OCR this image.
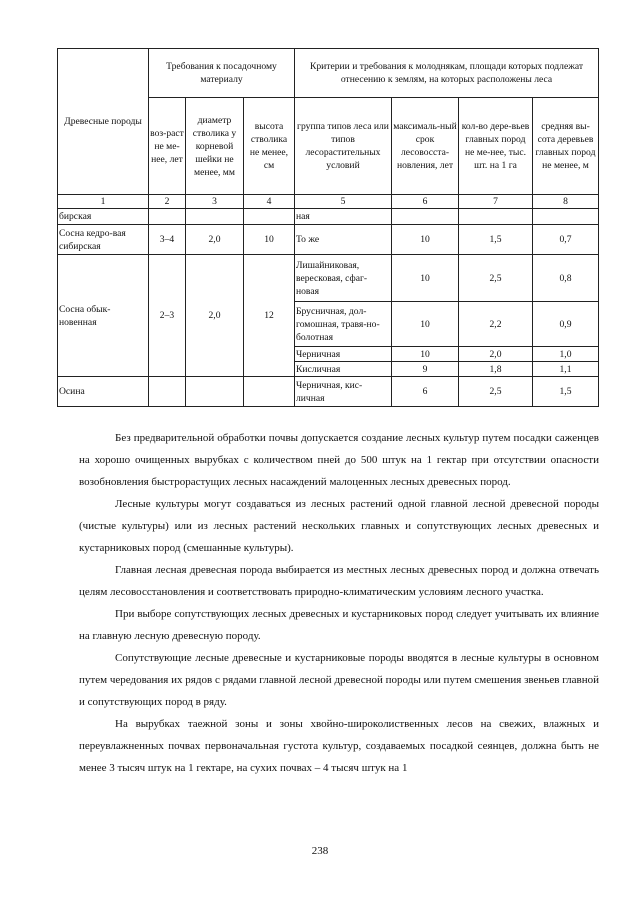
Древесные породы	Требования к посадочному материалу			Критерии и требования к молоднякам, площади которых подлежат отнесению к землям, на которых расположены леса			
	воз-раст не ме-нее, лет	диаметр стволика у корневой шейки не менее, мм	высота стволика не менее, см	группа типов леса или типов лесорастительных условий	максималь-ный срок лесовосста-новления, лет	кол-во дере-вьев главных пород не ме-нее, тыс. шт. на 1 га	средняя вы-сота деревьев главных пород не менее, м
1	2	3	4	5	6	7	8
бирская				ная			
Сосна кедро-вая сибирская	3–4	2,0	10	То же	10	1,5	0,7
Сосна обык-новенная	2–3	2,0	12	Лишайниковая, вересковая, сфаг-новая	10	2,5	0,8
				Брусничная, дол-гомошная, травя-но-болотная	10	2,2	0,9
				Черничная	10	2,0	1,0
				Кисличная	9	1,8	1,1
Осина				Черничная, кис-личная	6	2,5	1,5

Без предварительной обработки почвы допускается создание лесных культур путем посадки саженцев на хорошо очищенных вырубках с количеством пней до 500 штук на 1 гектар при отсутствии опасности возобновления быстрорастущих лесных насаждений малоценных лесных древесных пород.

Лесные культуры могут создаваться из лесных растений одной главной лесной древесной породы (чистые культуры) или из лесных растений нескольких главных и сопутствующих лесных древесных и кустарниковых пород (смешанные культуры).

Главная лесная древесная порода выбирается из местных лесных древесных пород и должна отвечать целям лесовосстановления и соответствовать природно-климатическим условиям лесного участка.

При выборе сопутствующих лесных древесных и кустарниковых пород следует учитывать их влияние на главную лесную древесную породу.

Сопутствующие лесные древесные и кустарниковые породы вводятся в лесные культуры в основном путем чередования их рядов с рядами главной лесной древесной породы или путем смешения звеньев главной и сопутствующих пород в ряду.

На вырубках таежной зоны и зоны хвойно-широколиственных лесов на свежих, влажных и переувлажненных почвах первоначальная густота культур, создаваемых посадкой сеянцев, должна быть не менее 3 тысяч штук на 1 гектаре, на сухих почвах – 4 тысяч штук на 1

238
